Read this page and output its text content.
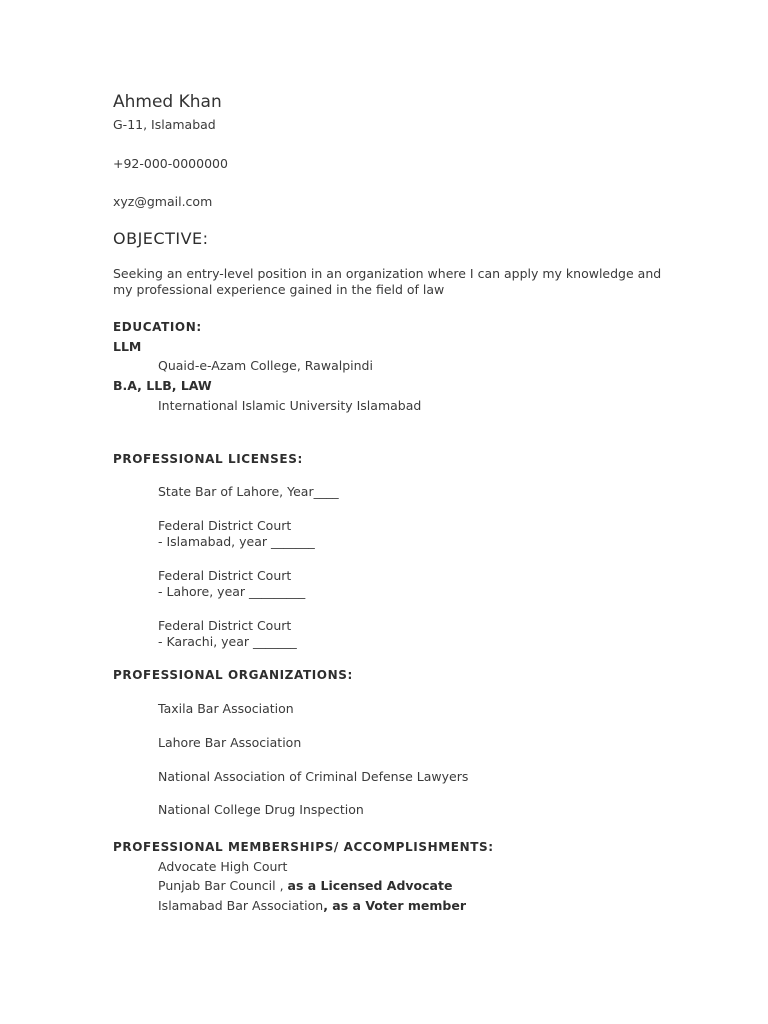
Ahmed Khan
G-11, Islamabad
+92-000-0000000
xyz@gmail.com
OBJECTIVE:
Seeking an entry-level position in an organization where I can apply my knowledge and my professional experience gained in the field of law
EDUCATION:
LLM
Quaid-e-Azam College, Rawalpindi
B.A, LLB, LAW
International Islamic University Islamabad
PROFESSIONAL LICENSES:
State Bar of Lahore, Year____
Federal District Court
- Islamabad, year _______
Federal District Court
- Lahore, year _________
Federal District Court
- Karachi, year _______
PROFESSIONAL ORGANIZATIONS:
Taxila Bar Association
Lahore Bar Association
National Association of Criminal Defense Lawyers
National College Drug Inspection
PROFESSIONAL MEMBERSHIPS/ ACCOMPLISHMENTS:
Advocate High Court
Punjab Bar Council , as a Licensed Advocate
Islamabad Bar Association, as a Voter member
